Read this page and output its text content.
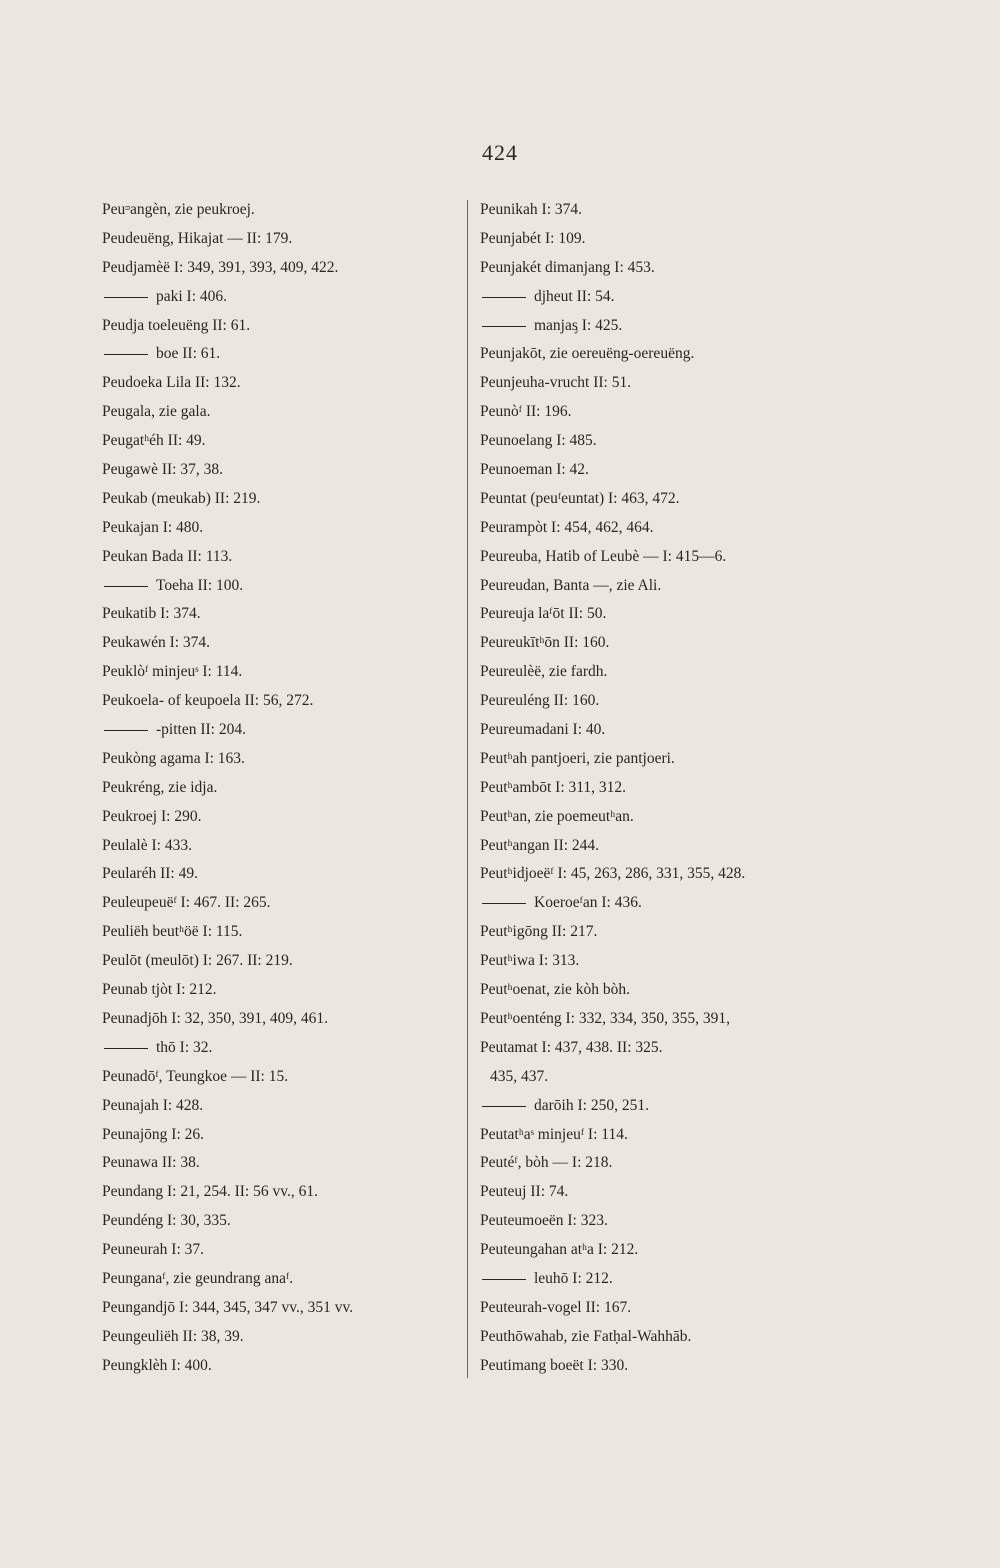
424
Peuᵙangèn, zie peukroej.
Peudeuëng, Hikajat — II: 179.
Peudjamèë I: 349, 391, 393, 409, 422.
paki I: 406.
Peudja toeleuëng II: 61.
boe II: 61.
Peudoeka Lila II: 132.
Peugala, zie gala.
Peugatʰéh II: 49.
Peugawè II: 37, 38.
Peukab (meukab) II: 219.
Peukajan I: 480.
Peukan Bada II: 113.
Toeha II: 100.
Peukatib I: 374.
Peukawén I: 374.
Peuklòᶠ minjeuˢ I: 114.
Peukoela- of keupoela II: 56, 272.
-pitten II: 204.
Peukòng agama I: 163.
Peukréng, zie idja.
Peukroej I: 290.
Peulalè I: 433.
Peularéh II: 49.
Peuleupeuëᶠ I: 467. II: 265.
Peuliëh beutʰöë I: 115.
Peulōt (meulōt) I: 267. II: 219.
Peunab tjòt I: 212.
Peunadjōh I: 32, 350, 391, 409, 461.
thō I: 32.
Peunadōᶠ, Teungkoe — II: 15.
Peunajah I: 428.
Peunajōng I: 26.
Peunawa II: 38.
Peundang I: 21, 254. II: 56 vv., 61.
Peundéng I: 30, 335.
Peuneurah I: 37.
Peunganaᶠ, zie geundrang anaᶠ.
Peungandjō I: 344, 345, 347 vv., 351 vv.
Peungeuliëh II: 38, 39.
Peungklèh I: 400.
Peunikah I: 374.
Peunjabét I: 109.
Peunjakét dimanjang I: 453.
djheut II: 54.
manjaᶊ I: 425.
Peunjakōt, zie oereuëng-oereuëng.
Peunjeuha-vrucht II: 51.
Peunòᶠ II: 196.
Peunoelang I: 485.
Peunoeman I: 42.
Peuntat (peuᶠeuntat) I: 463, 472.
Peurampòt I: 454, 462, 464.
Peureuba, Hatib of Leubè — I: 415—6.
Peureudan, Banta —, zie Ali.
Peureuja laᶠōt II: 50.
Peureukītʰōn II: 160.
Peureulèë, zie fardh.
Peureuléng II: 160.
Peureumadani I: 40.
Peutʰah pantjoeri, zie pantjoeri.
Peutʰambōt I: 311, 312.
Peutʰan, zie poemeutʰan.
Peutʰangan II: 244.
Peutʰidjoeëᶠ I: 45, 263, 286, 331, 355, 428.
Koeroeᶠan I: 436.
Peutʰigōng II: 217.
Peutʰiwa I: 313.
Peutʰoenat, zie kòh bòh.
Peutʰoenténg I: 332, 334, 350, 355, 391,
Peutamat I: 437, 438. II: 325.
435, 437.
darōih I: 250, 251.
Peutatʰaˢ minjeuᶠ I: 114.
Peutéᶠ, bòh — I: 218.
Peuteuj II: 74.
Peuteumoeën I: 323.
Peuteungahan atʰa I: 212.
leuhō I: 212.
Peuteurah-vogel II: 167.
Peuthōwahab, zie Fatḥal-Wahhāb.
Peutimang boeët I: 330.
